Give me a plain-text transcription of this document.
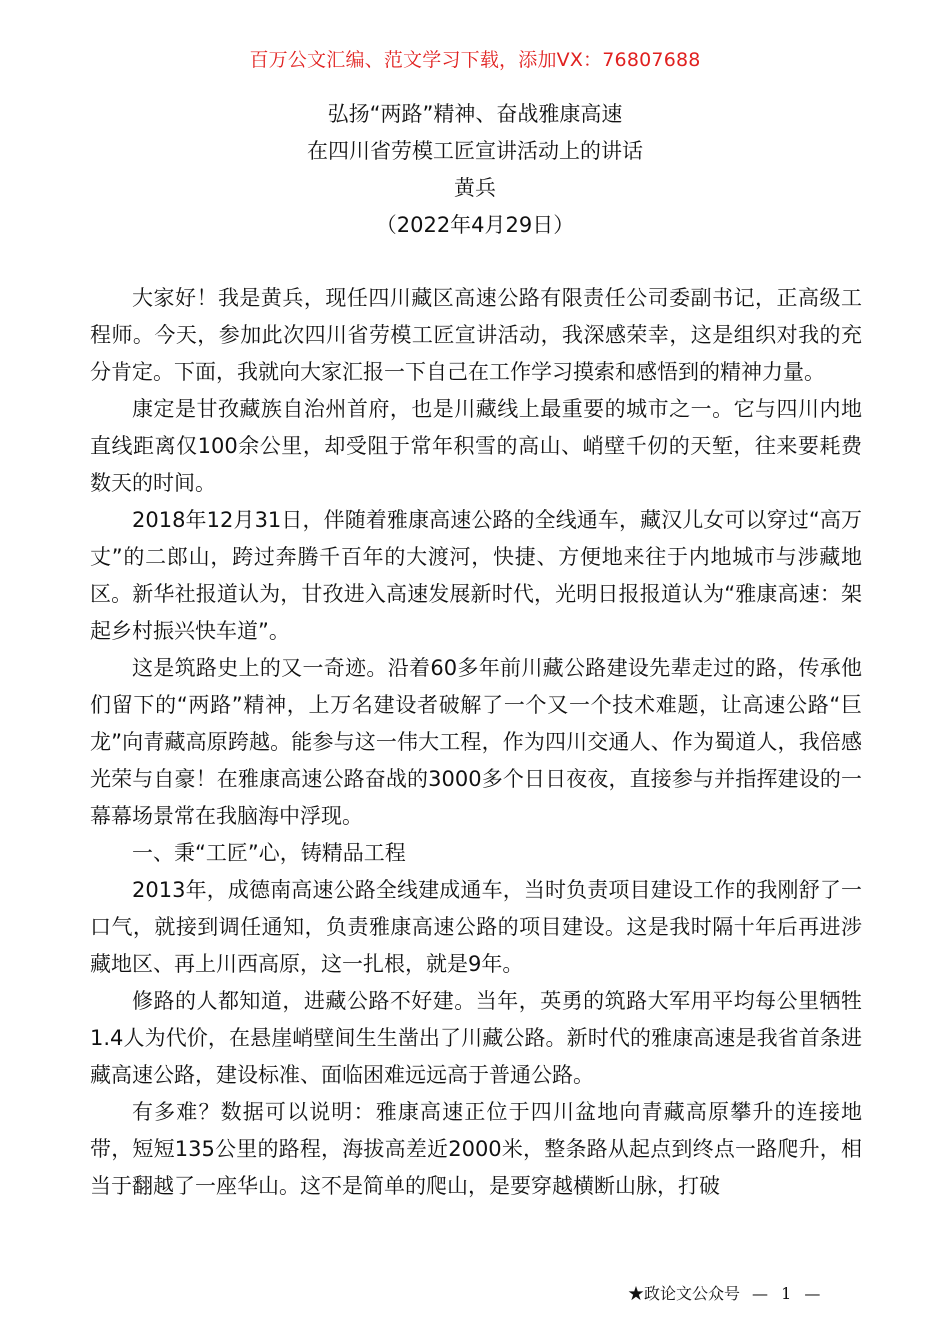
百万公文汇编、范文学习下载，添加VX：76807688
弘扬“两路”精神、奋战雅康高速
在四川省劳模工匠宣讲活动上的讲话
黄兵
（2022年4月29日）

大家好！我是黄兵，现任四川藏区高速公路有限责任公司委副书记，正高级工程师。今天，参加此次四川省劳模工匠宣讲活动，我深感荣幸，这是组织对我的充分肯定。下面，我就向大家汇报一下自己在工作学习摸索和感悟到的精神力量。

康定是甘孜藏族自治州首府，也是川藏线上最重要的城市之一。它与四川内地直线距离仅100余公里，却受阻于常年积雪的高山、峭壁千仞的天堑，往来要耗费数天的时间。

2018年12月31日，伴随着雅康高速公路的全线通车，藏汉儿女可以穿过“高万丈”的二郎山，跨过奔腾千百年的大渡河，快捷、方便地来往于内地城市与涉藏地区。新华社报道认为，甘孜进入高速发展新时代，光明日报报道认为“雅康高速：架起乡村振兴快车道”。

这是筑路史上的又一奇迹。沿着60多年前川藏公路建设先辈走过的路，传承他们留下的“两路”精神，上万名建设者破解了一个又一个技术难题，让高速公路“巨龙”向青藏高原跨越。能参与这一伟大工程，作为四川交通人、作为蜀道人，我倍感光荣与自豪！在雅康高速公路奋战的3000多个日日夜夜，直接参与并指挥建设的一幕幕场景常在我脑海中浮现。

一、秉“工匠”心，铸精品工程

2013年，成德南高速公路全线建成通车，当时负责项目建设工作的我刚舒了一口气，就接到调任通知，负责雅康高速公路的项目建设。这是我时隔十年后再进涉藏地区、再上川西高原，这一扎根，就是9年。

修路的人都知道，进藏公路不好建。当年，英勇的筑路大军用平均每公里牺牲1.4人为代价，在悬崖峭壁间生生凿出了川藏公路。新时代的雅康高速是我省首条进藏高速公路，建设标准、面临困难远远高于普通公路。

有多难？数据可以说明：雅康高速正位于四川盆地向青藏高原攀升的连接地带，短短135公里的路程，海拔高差近2000米，整条路从起点到终点一路爬升，相当于翻越了一座华山。这不是简单的爬山，是要穿越横断山脉，打破

★政论文公众号 — 1 —
